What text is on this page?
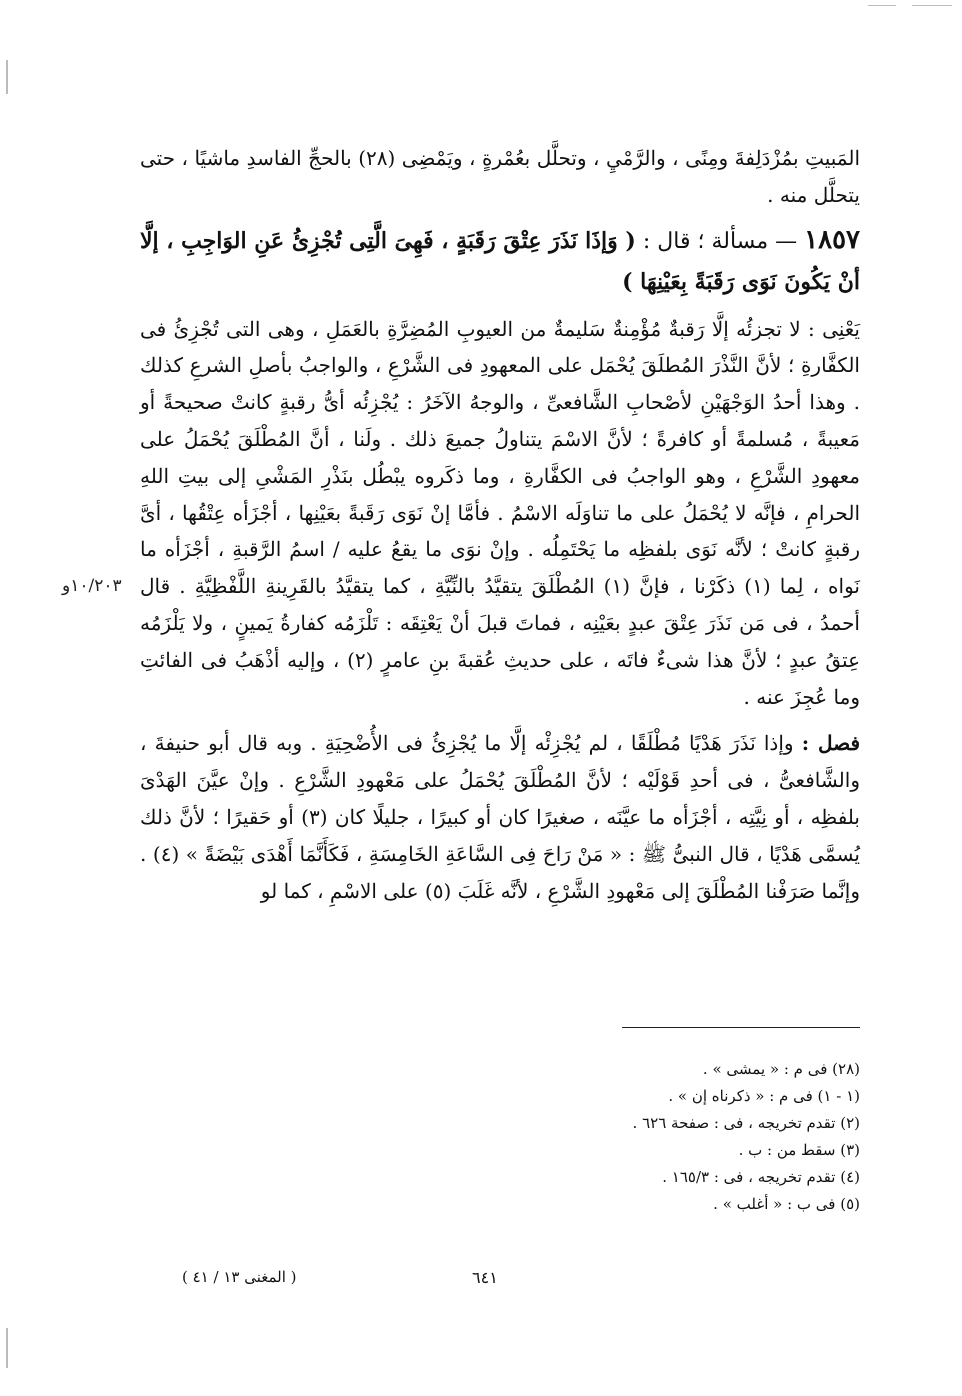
المَبيتِ بمُزْدَلِفةَ ومِنًى ، والرَّمْيِ ، وتحلَّل بعُمْرةٍ ، ويَمْضِى (٢٨) بالحجِّ الفاسدِ ماشيًا ، حتى يتحلَّل منه .

١٨٥٧ — مسألة ؛ قال : ( وَإذَا نَذَرَ عِتْقَ رَقَبَةٍ ، فَهِىَ الَّتِى تُجْزِئُ عَنِ الوَاجِبِ ، إلَّا أنْ يَكُونَ نَوَى رَقَبَةً بِعَيْنِهَا )

يَعْنِى : لا تجزئُه إلَّا رَقبةٌ مُؤْمِنةٌ سَليمةٌ من العيوبِ المُضِرَّةِ بالعَمَلِ ، وهى التى تُجْزِئُ فى الكفَّارةِ ؛ لأنَّ النَّذْرَ المُطلَقَ يُحْمَل على المعهودِ فى الشَّرْعِ ، والواجبُ بأصلِ الشرعِ كذلك . وهذا أحدُ الوَجْهَيْنِ لأصْحابِ الشَّافعىِّ ، والوجهُ الآخَرُ : يُجْزِئُه أىُّ رقبةٍ كانتْ صحيحةً أو مَعيبةً ، مُسلمةً أو كافرةً ؛ لأنَّ الاسْمَ يتناولُ جميعَ ذلك . ولَنا ، أنَّ المُطْلَقَ يُحْمَلُ على معهودِ الشَّرْعِ ، وهو الواجبُ فى الكفَّارةِ ، وما ذكَروه يبْطُل بنَذْرِ المَشْىِ إلى بيتِ اللهِ الحرامِ ، فإنَّه لا يُحْمَلُ على ما تناوَلَه الاسْمُ . فأمَّا إنْ نَوَى رَقَبةً بعَيْنِها ، أجْزَأه عِتْقُها ، أىَّ رقبةٍ كانتْ ؛ لأنَّه نَوَى بلفظِه ما يَحْتَمِلُه . وإنْ نوَى ما يقعُ عليه / اسمُ الرَّقبةِ ، أجْزَأه ما نَواه ، لِما (١) ذكَرْنا ، فإنَّ (١) المُطْلَقَ يتقيَّدُ بالنِّيَّةِ ، كما يتقيَّدُ بالقَرِينةِ اللَّفْظِيَّةِ . قال أحمدُ ، فى مَن نَذَرَ عِتْقَ عبدٍ بعَيْنِه ، فماتَ قبلَ أنْ يَعْتِقَه : تَلْزَمُه كفارةُ يَمينٍ ، ولا يَلْزَمُه عِتقُ عبدٍ ؛ لأنَّ هذا شىءٌ فاتَه ، على حديثِ عُقبةَ بنِ عامرٍ (٢) ، وإليه أذْهَبُ فى الفائتِ وما عُجِزَ عنه .

فصل : وإذا نَذَرَ هَدْيًا مُطْلَقًا ، لم يُجْزِئْه إلَّا ما يُجْزِئُ فى الأُضْحِيَةِ . وبه قال أبو حنيفةَ ، والشَّافعىُّ ، فى أحدِ قَوْلَيْه ؛ لأنَّ المُطْلَقَ يُحْمَلُ على مَعْهودِ الشَّرْعِ . وإنْ عيَّنَ الهَدْىَ بلفظِه ، أو نِيَّتِه ، أجْزَأه ما عيَّنَه ، صغيرًا كان أو كبيرًا ، جليلًا كان (٣) أو حَقيرًا ؛ لأنَّ ذلك يُسمَّى هَدْيًا ، قال النبىُّ ﷺ : « مَنْ رَاحَ فِى السَّاعَةِ الخَامِسَةِ ، فَكَأَنَّمَا أَهْدَى بَيْضَةً » (٤) . وإنَّما صَرَفْنا المُطْلَقَ إلى مَعْهودِ الشَّرْعِ ، لأنَّه غَلَبَ (٥) على الاسْمِ ، كما لو

١٠/٢٠٣و
(٢٨) فى م : « يمشى » .
(١ - ١) فى م : « ذكرناه إن » .
(٢) تقدم تخريجه ، فى : صفحة ٦٢٦ .
(٣) سقط من : ب .
(٤) تقدم تخريجه ، فى : ١٦٥/٣ .
(٥) فى ب : « أغلب » .
٦٤١
( المغنى ١٣ / ٤١ )
